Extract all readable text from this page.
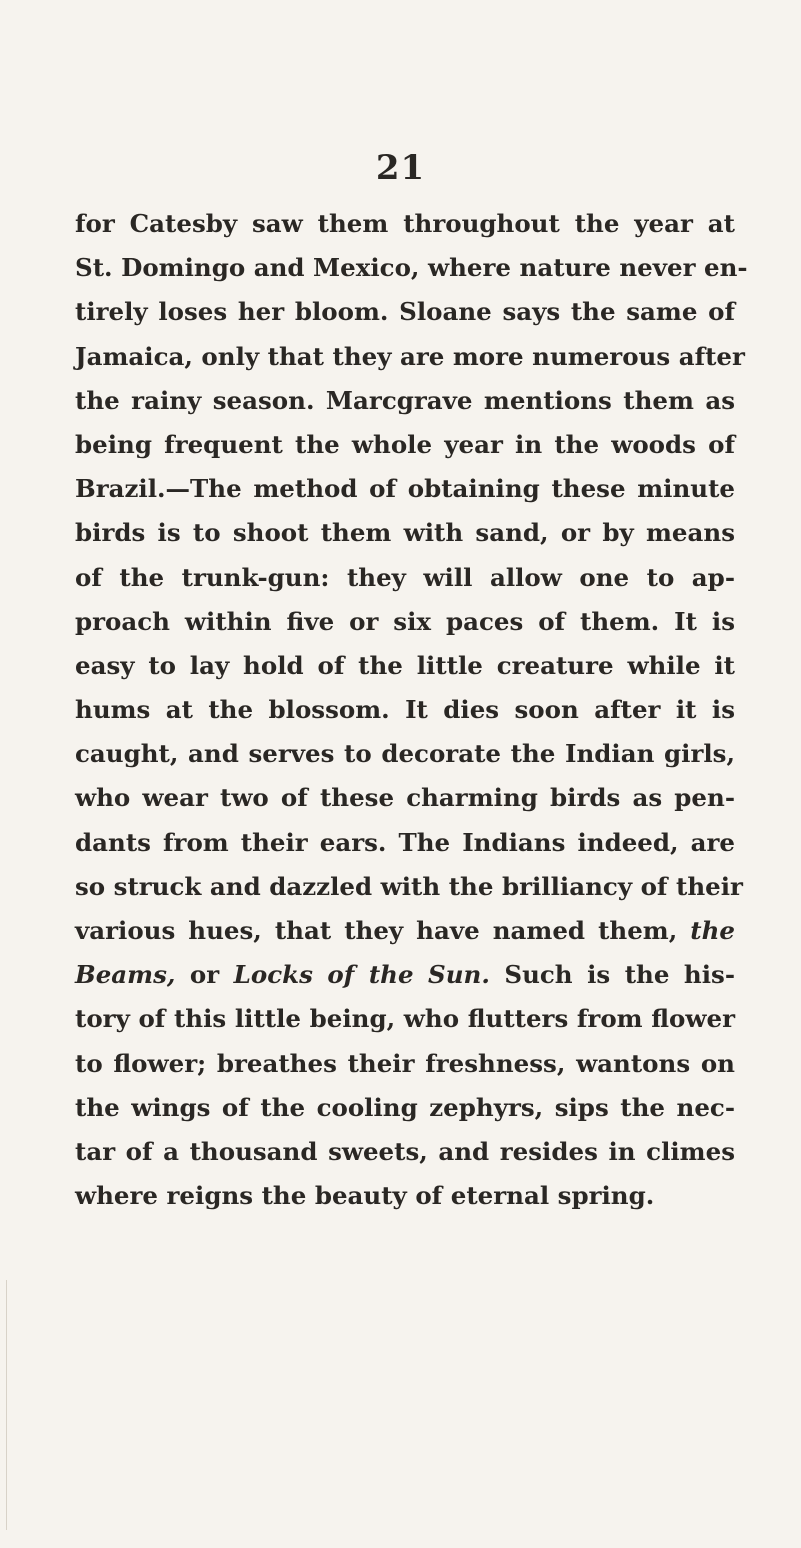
21
for Catesby saw them throughout the year at
St. Domingo and Mexico, where nature never en-
tirely loses her bloom. Sloane says the same of
Jamaica, only that they are more numerous after
the rainy season. Marcgrave mentions them as
being frequent the whole year in the woods of
Brazil.—The method of obtaining these minute
birds is to shoot them with sand, or by means
of the trunk-gun: they will allow one to ap-
proach within five or six paces of them. It is
easy to lay hold of the little creature while it
hums at the blossom. It dies soon after it is
caught, and serves to decorate the Indian girls,
who wear two of these charming birds as pen-
dants from their ears. The Indians indeed, are
so struck and dazzled with the brilliancy of their
various hues, that they have named them, the
Beams, or Locks of the Sun. Such is the his-
tory of this little being, who flutters from flower
to flower; breathes their freshness, wantons on
the wings of the cooling zephyrs, sips the nec-
tar of a thousand sweets, and resides in climes
where reigns the beauty of eternal spring.
